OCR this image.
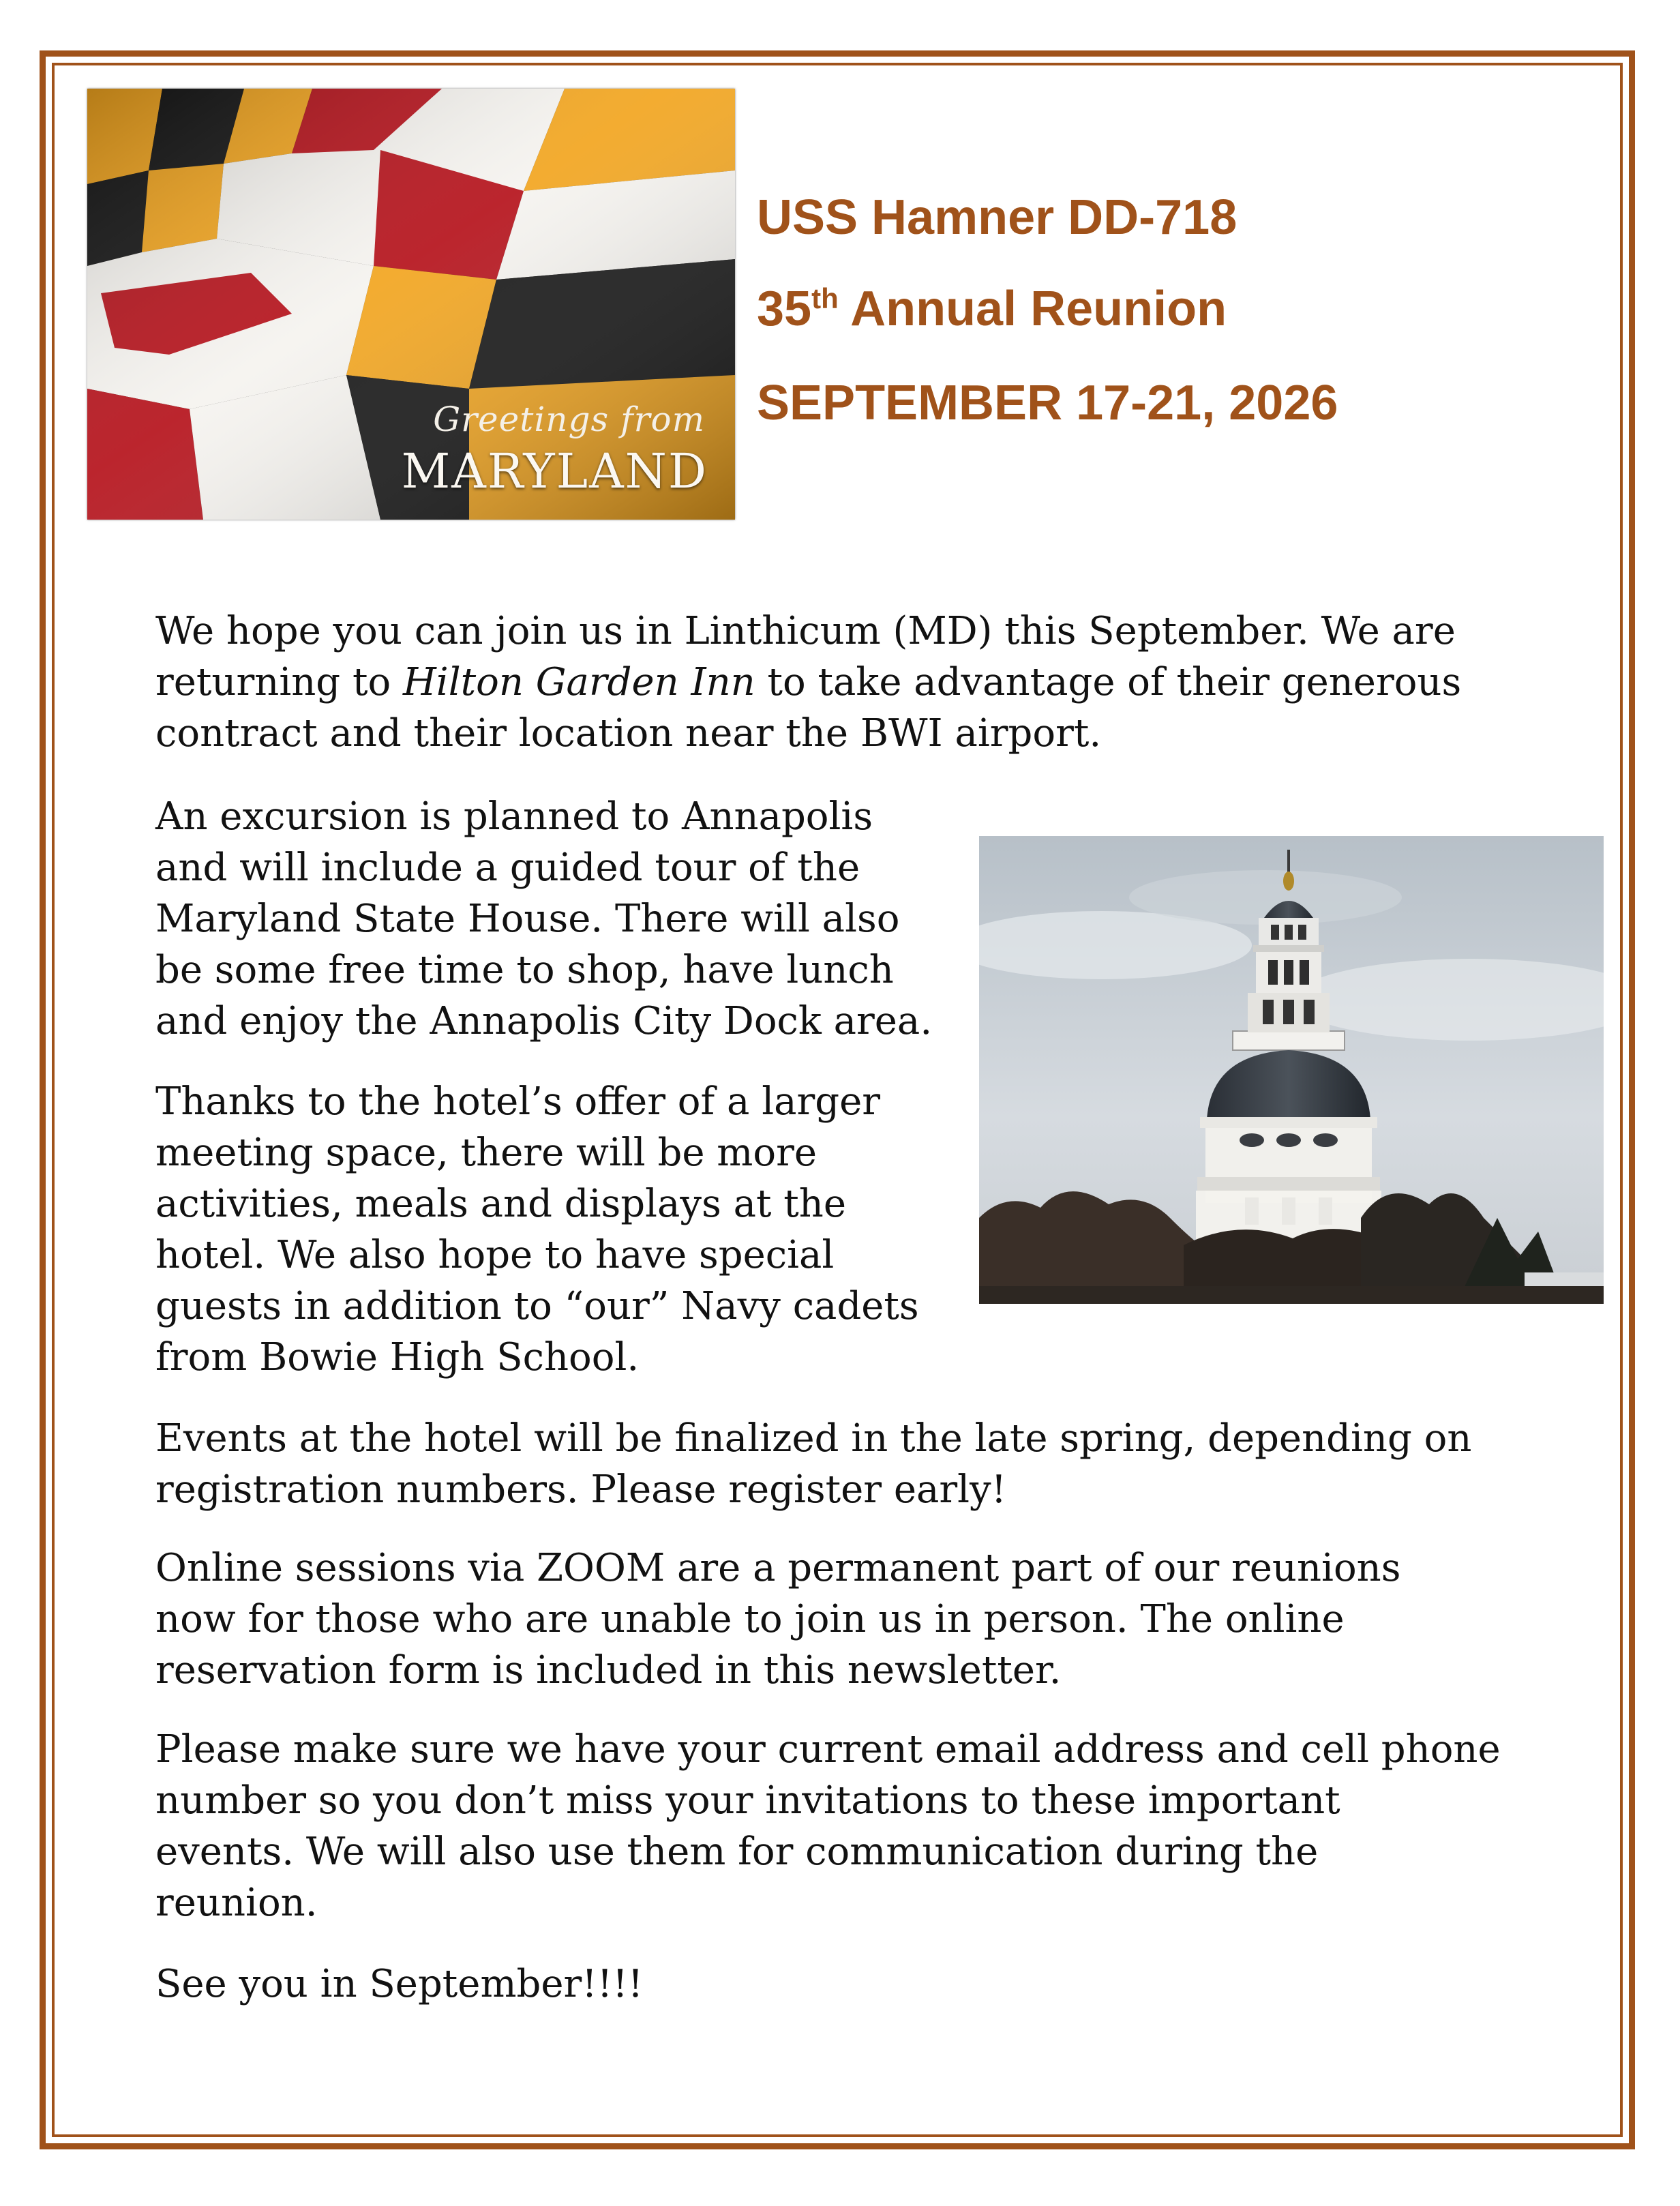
Greetings from
MARYLAND
USS Hamner DD-718
35th Annual Reunion
SEPTEMBER 17-21, 2026

We hope you can join us in Linthicum (MD) this September. We are
returning to Hilton Garden Inn to take advantage of their generous
contract and their location near the BWI airport.

An excursion is planned to Annapolis
and will include a guided tour of the
Maryland State House. There will also
be some free time to shop, have lunch
and enjoy the Annapolis City Dock area.

Thanks to the hotel’s offer of a larger
meeting space, there will be more
activities, meals and displays at the
hotel. We also hope to have special
guests in addition to “our” Navy cadets
from Bowie High School.

Events at the hotel will be finalized in the late spring, depending on
registration numbers. Please register early!

Online sessions via ZOOM are a permanent part of our reunions
now for those who are unable to join us in person. The online
reservation form is included in this newsletter.

Please make sure we have your current email address and cell phone
number so you don’t miss your invitations to these important
events. We will also use them for communication during the
reunion.

See you in September!!!!
